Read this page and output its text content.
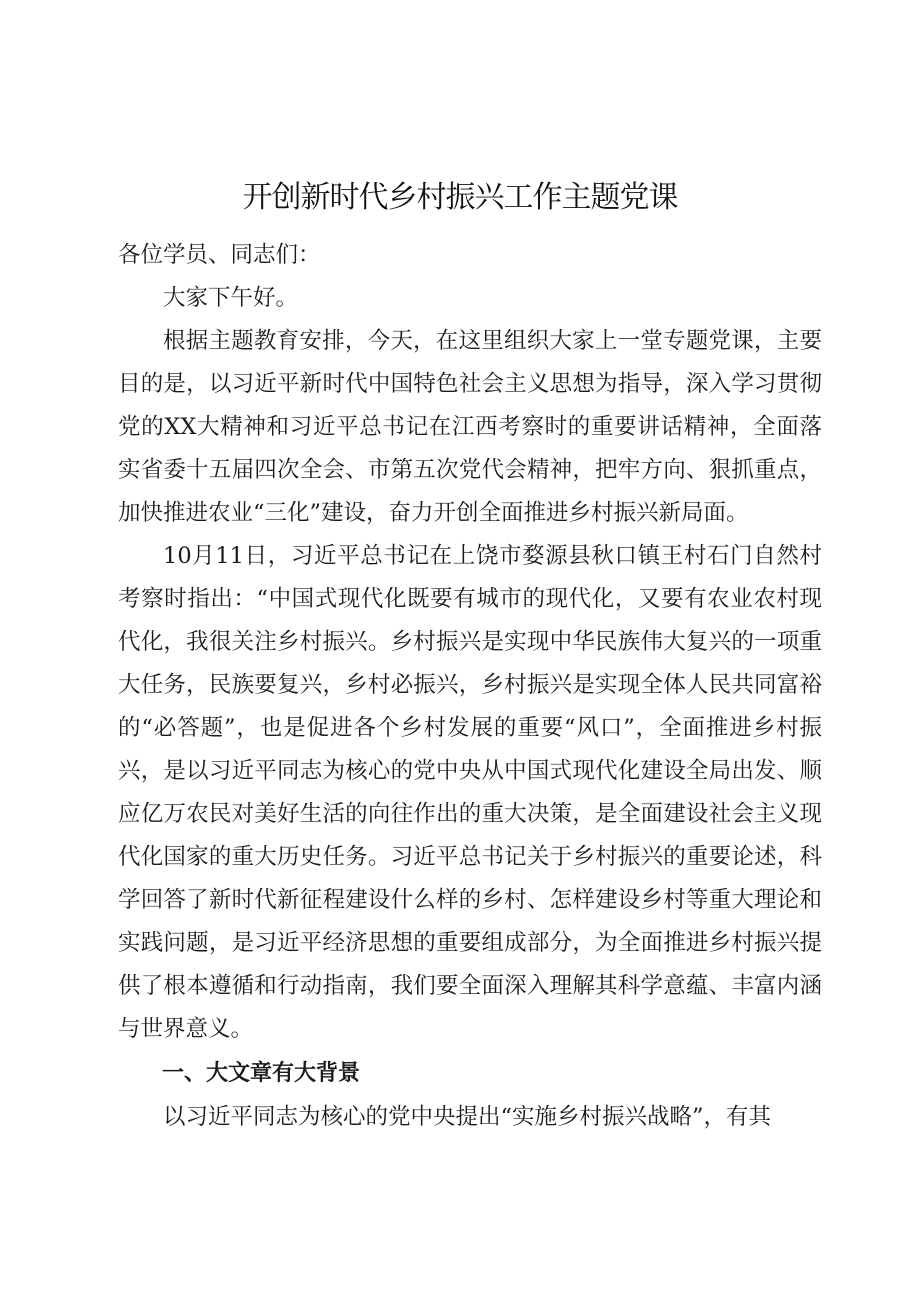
开创新时代乡村振兴工作主题党课

各位学员、同志们：

大家下午好。

根据主题教育安排，今天，在这里组织大家上一堂专题党课，主要目的是，以习近平新时代中国特色社会主义思想为指导，深入学习贯彻党的XX大精神和习近平总书记在江西考察时的重要讲话精神，全面落实省委十五届四次全会、市第五次党代会精神，把牢方向、狠抓重点，加快推进农业“三化”建设，奋力开创全面推进乡村振兴新局面。

10月11日，习近平总书记在上饶市婺源县秋口镇王村石门自然村考察时指出：“中国式现代化既要有城市的现代化，又要有农业农村现代化，我很关注乡村振兴。乡村振兴是实现中华民族伟大复兴的一项重大任务，民族要复兴，乡村必振兴，乡村振兴是实现全体人民共同富裕的“必答题”，也是促进各个乡村发展的重要“风口”，全面推进乡村振兴，是以习近平同志为核心的党中央从中国式现代化建设全局出发、顺应亿万农民对美好生活的向往作出的重大决策，是全面建设社会主义现代化国家的重大历史任务。习近平总书记关于乡村振兴的重要论述，科学回答了新时代新征程建设什么样的乡村、怎样建设乡村等重大理论和实践问题，是习近平经济思想的重要组成部分，为全面推进乡村振兴提供了根本遵循和行动指南，我们要全面深入理解其科学意蕴、丰富内涵与世界意义。

一、大文章有大背景

以习近平同志为核心的党中央提出“实施乡村振兴战略”，有其
